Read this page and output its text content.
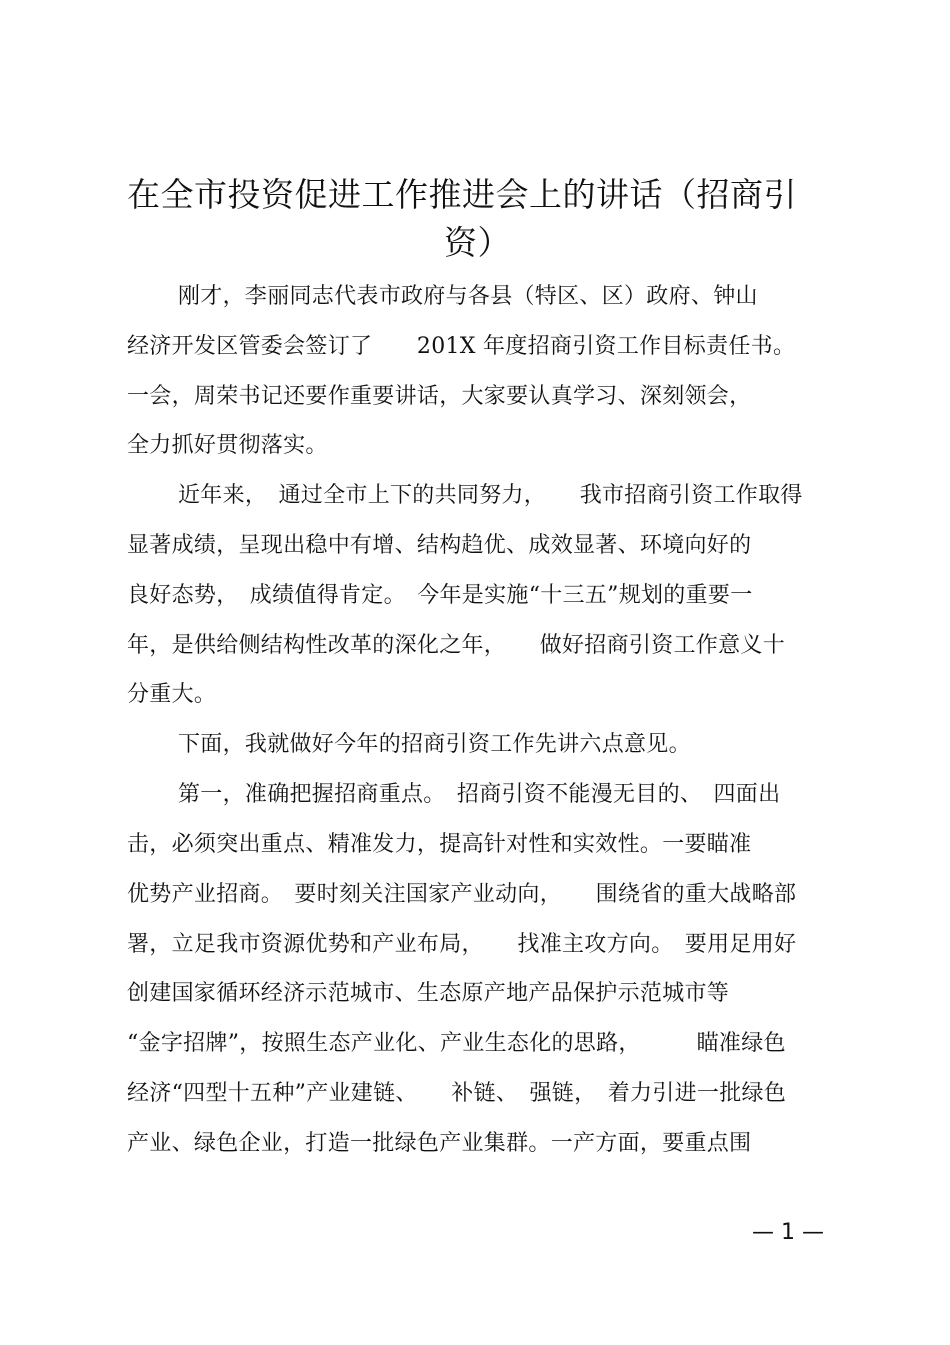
在全市投资促进工作推进会上的讲话（招商引
资）
刚才，李丽同志代表市政府与各县（特区、区）政府、钟山
经济开发区管委会签订了　　201X 年度招商引资工作目标责任书。
一会，周荣书记还要作重要讲话，大家要认真学习、深刻领会，
全力抓好贯彻落实。
近年来，　通过全市上下的共同努力，　　我市招商引资工作取得
显著成绩，呈现出稳中有增、结构趋优、成效显著、环境向好的
良好态势，　成绩值得肯定。　今年是实施“十三五”规划的重要一
年，是供给侧结构性改革的深化之年，　　做好招商引资工作意义十
分重大。
下面，我就做好今年的招商引资工作先讲六点意见。
第一，准确把握招商重点。　招商引资不能漫无目的、　四面出
击，必须突出重点、精准发力，提高针对性和实效性。一要瞄准
优势产业招商。　要时刻关注国家产业动向，　　围绕省的重大战略部
署，立足我市资源优势和产业布局，　　找准主攻方向。　要用足用好
创建国家循环经济示范城市、生态原产地产品保护示范城市等
“金字招牌”，按照生态产业化、产业生态化的思路，　　　瞄准绿色
经济“四型十五种”产业建链、　　补链、　强链，　着力引进一批绿色
产业、绿色企业，打造一批绿色产业集群。一产方面，要重点围
— 1 —
